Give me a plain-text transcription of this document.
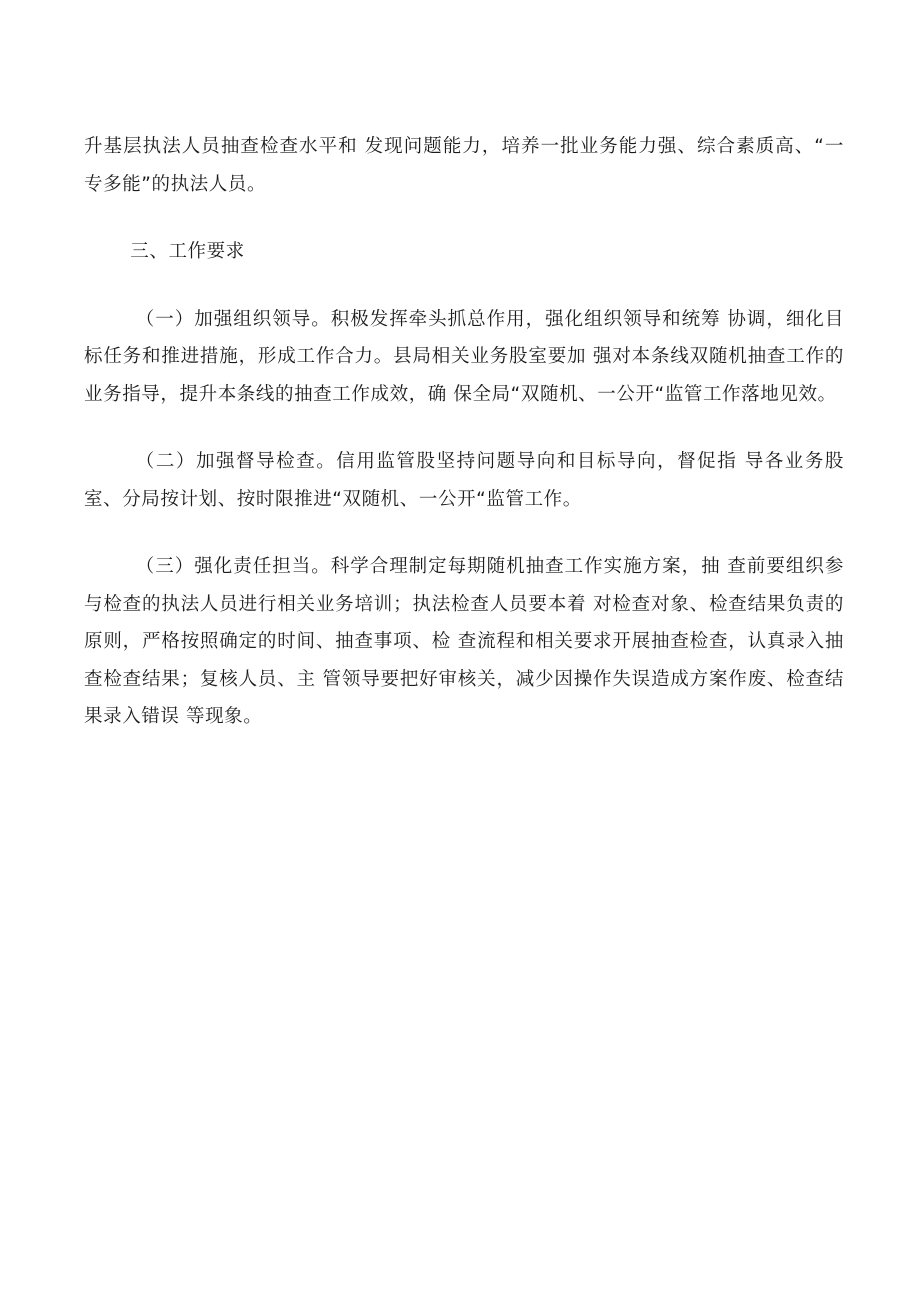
升基层执法人员抽查检查水平和 发现问题能力，培养一批业务能力强、综合素质高、“一专多能”的执法人员。

三、工作要求

（一）加强组织领导。积极发挥牵头抓总作用，强化组织领导和统筹 协调，细化目标任务和推进措施，形成工作合力。县局相关业务股室要加 强对本条线双随机抽查工作的业务指导，提升本条线的抽查工作成效，确 保全局“双随机、一公开“监管工作落地见效。

（二）加强督导检查。信用监管股坚持问题导向和目标导向，督促指 导各业务股室、分局按计划、按时限推进“双随机、一公开“监管工作。

（三）强化责任担当。科学合理制定每期随机抽查工作实施方案，抽 查前要组织参与检查的执法人员进行相关业务培训；执法检查人员要本着 对检查对象、检查结果负责的原则，严格按照确定的时间、抽查事项、检 查流程和相关要求开展抽查检查，认真录入抽查检查结果；复核人员、主 管领导要把好审核关，减少因操作失误造成方案作废、检查结果录入错误 等现象。
